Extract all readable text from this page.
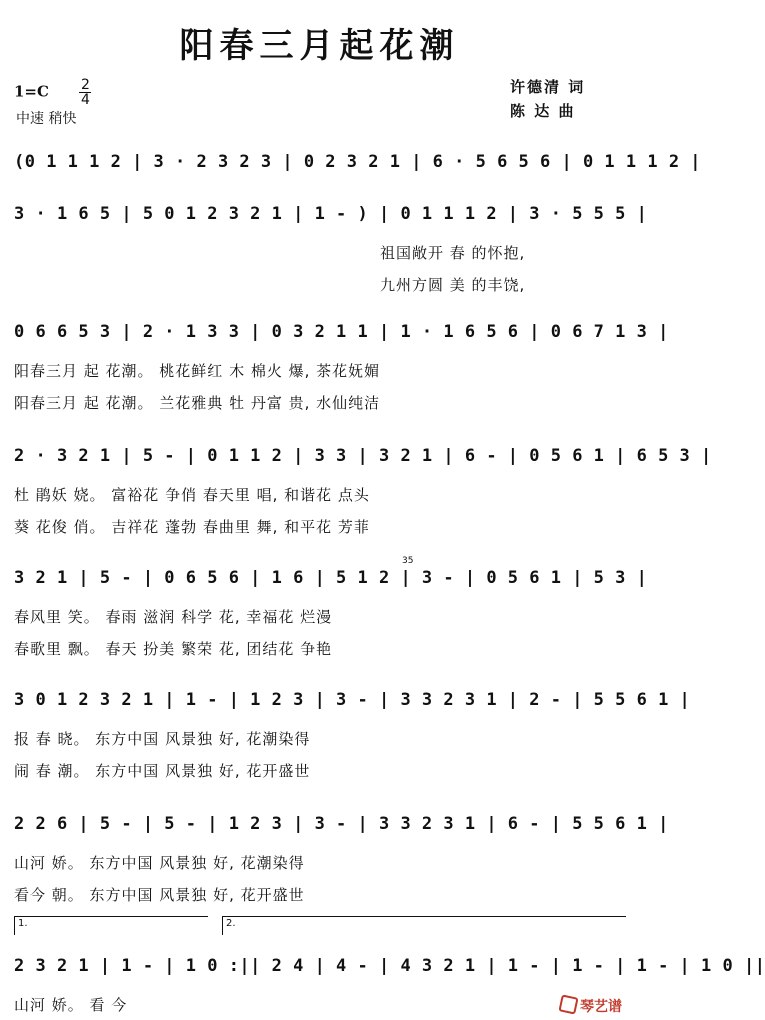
阳春三月起花潮
$1=C \frac{2}{4}$
中速 稍快
许德清 词
陈 达 曲
(0 1 1 1 2 | 3 · 2 3 2 3 | 0 2 3 2 1 | 6 · 5 6 5 6 | 0 1 1 1 2 |
3 · 1 6 5 | 5 0 1 2 3 2 1 | 1 - ) | 0 1 1 1 2 | 3 · 5 5 5 |
祖国敞开 春 的怀抱,
九州方圆 美 的丰饶,
0 6 6 5 3 | 2 · 1 3 3 | 0 3 2 1 1 | 1 · 1 6 5 6 | 0 6 7 1 3 |
阳春三月 起 花潮。 桃花鲜红 木 棉火 爆, 茶花妩媚
阳春三月 起 花潮。 兰花雅典 牡 丹富 贵, 水仙纯洁
2 · 3 2 1 | 5 - | 0 1 1 2 | 3 3 | 3 2 1 | 6 - | 0 5 6 1 | 6 5 3 |
杜 鹃妖 娆。 富裕花 争俏 春天里 唱, 和谐花 点头
葵 花俊 俏。 吉祥花 蓬勃 春曲里 舞, 和平花 芳菲
3 2 1 | 5 - | 0 6 5 6 | 1 6 | 5 1 2 | 3 - | 0 5 6 1 | 5 3 |
35
春风里 笑。 春雨 滋润 科学 花, 幸福花 烂漫
春歌里 飘。 春天 扮美 繁荣 花, 团结花 争艳
3 0 1 2 3 2 1 | 1 - | 1 2 3 | 3 - | 3 3 2 3 1 | 2 - | 5 5 6 1 |
报 春 晓。 东方中国 风景独 好, 花潮染得
闹 春 潮。 东方中国 风景独 好, 花开盛世
2 2 6 | 5 - | 5 - | 1 2 3 | 3 - | 3 3 2 3 1 | 6 - | 5 5 6 1 |
山河 娇。 东方中国 风景独 好, 花潮染得
看今 朝。 东方中国 风景独 好, 花开盛世
1.	2.
2 3 2 1 | 1 - | 1 0 :|| 2 4 | 4 - | 4 3 2 1 | 1 - | 1 - | 1 - | 1 0 ||
山河 娇。 看 今	琴艺谱
